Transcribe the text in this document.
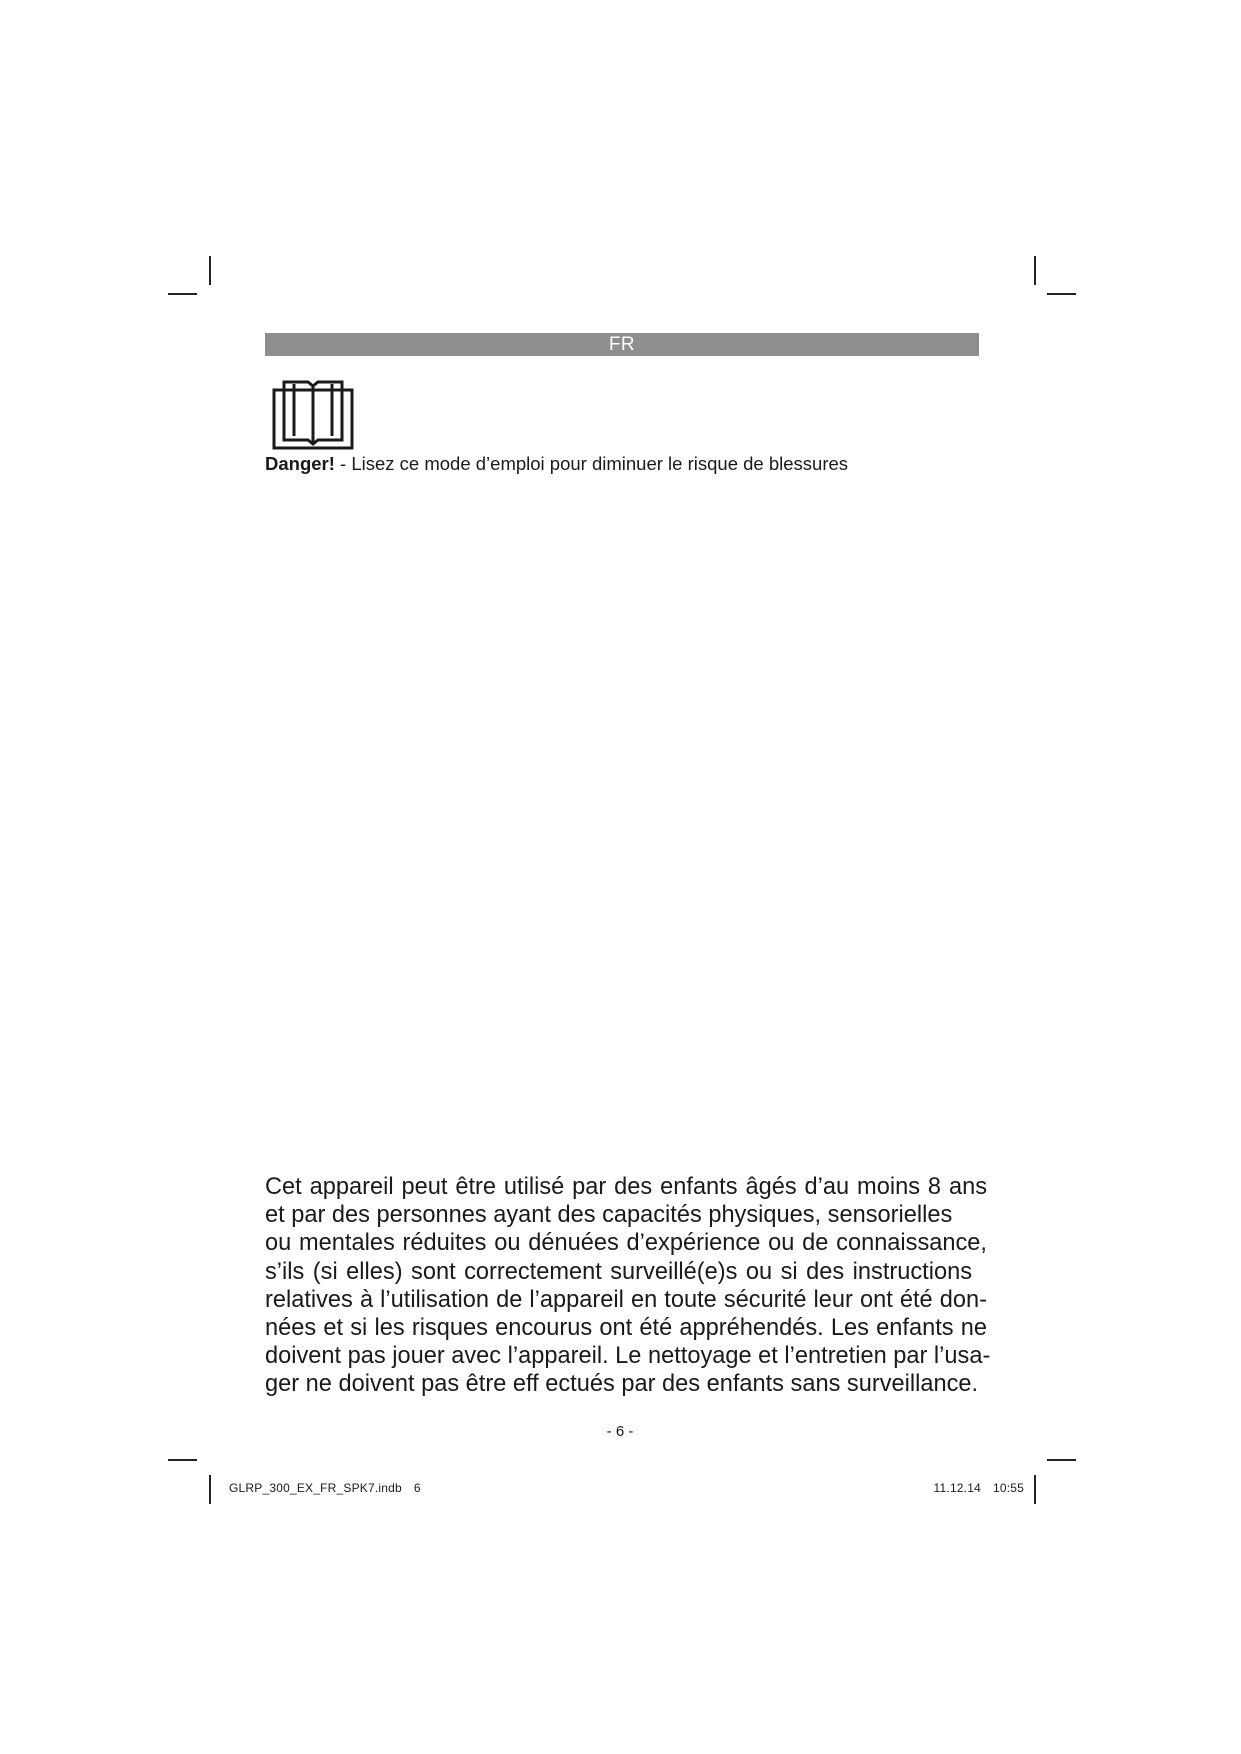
FR
Danger! - Lisez ce mode d’emploi pour diminuer le risque de blessures

Cet appareil peut être utilisé par des enfants âgés d’au moins 8 ans
et par des personnes ayant des capacités physiques, sensorielles
ou mentales réduites ou dénuées d’expérience ou de connaissance,
s’ils (si elles) sont correctement surveillé(e)s ou si des instructions
relatives à l’utilisation de l’appareil en toute sécurité leur ont été don-
nées et si les risques encourus ont été appréhendés. Les enfants ne
doivent pas jouer avec l’appareil. Le nettoyage et l’entretien par l’usa-
ger ne doivent pas être eff ectués par des enfants sans surveillance.

- 6 -
GLRP_300_EX_FR_SPK7.indb 6	11.12.14 10:55
